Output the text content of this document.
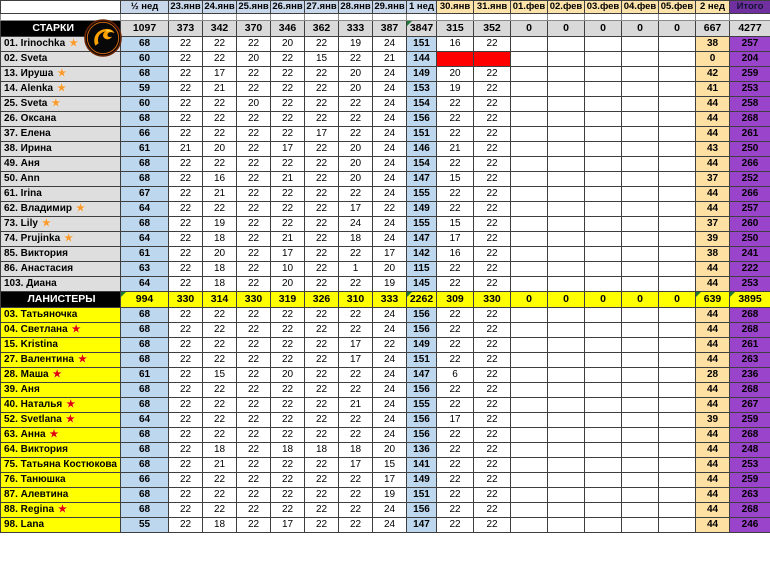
	½ нед	23.янв	24.янв	25.янв	26.янв	27.янв	28.янв	29.янв	1 нед	30.янв	31.янв	01.фев	02.фев	03.фев	04.фев	05.фев	2 нед	Итого

СТАРКИ	1097	373	342	370	346	362	333	387	3847	315	352	0	0	0	0	0	667	4277
01. Irinochka ★	68	22	22	22	20	22	19	24	151	16	22						38	257
02. Sveta	60	22	22	20	22	15	22	21	144								0	204
13. Ируша ★	68	22	17	22	22	22	20	24	149	20	22						42	259
14. Alenka ★	59	22	21	22	22	22	20	24	153	19	22						41	253
25. Sveta ★	60	22	22	20	22	22	22	24	154	22	22						44	258
26. Оксана	68	22	22	22	22	22	22	24	156	22	22						44	268
37. Елена	66	22	22	22	22	17	22	24	151	22	22						44	261
38. Ирина	61	21	20	22	17	22	20	24	146	21	22						43	250
49. Аня	68	22	22	22	22	22	20	24	154	22	22						44	266
50. Ann	68	22	16	22	21	22	20	24	147	15	22						37	252
61. Irina	67	22	21	22	22	22	22	24	155	22	22						44	266
62. Владимир ★	64	22	22	22	22	22	17	22	149	22	22						44	257
73. Lily ★	68	22	19	22	22	22	24	24	155	15	22						37	260
74. Prujinka ★	64	22	18	22	21	22	18	24	147	17	22						39	250
85. Виктория	61	22	20	22	17	22	22	17	142	16	22						38	241
86. Анастасия	63	22	18	22	10	22	1	20	115	22	22						44	222
103. Диана	64	22	18	22	20	22	22	19	145	22	22						44	253
ЛАНИСТЕРЫ	994	330	314	330	319	326	310	333	2262	309	330	0	0	0	0	0	639	3895

03. Татьяночка	68	22	22	22	22	22	22	24	156	22	22						44	268
04. Светлана ★	68	22	22	22	22	22	22	24	156	22	22						44	268
15. Kristina	68	22	22	22	22	22	17	22	149	22	22						44	261
27. Валентина ★	68	22	22	22	22	22	17	24	151	22	22						44	263
28. Маша ★	61	22	15	22	20	22	22	24	147	6	22						28	236
39. Аня	68	22	22	22	22	22	22	24	156	22	22						44	268
40. Наталья ★	68	22	22	22	22	22	21	24	155	22	22						44	267
52. Svetlana ★	64	22	22	22	22	22	22	24	156	17	22						39	259
63. Анна ★	68	22	22	22	22	22	22	24	156	22	22						44	268
64. Виктория	68	22	18	22	18	18	18	20	136	22	22						44	248
75. Татьяна Костюкова	68	22	21	22	22	22	17	15	141	22	22						44	253
76. Танюшка	66	22	22	22	22	22	22	17	149	22	22						44	259
87. Алевтина	68	22	22	22	22	22	22	19	151	22	22						44	263
88. Regina ★	68	22	22	22	22	22	22	24	156	22	22						44	268
98. Lana	55	22	18	22	17	22	22	24	147	22	22						44	246
